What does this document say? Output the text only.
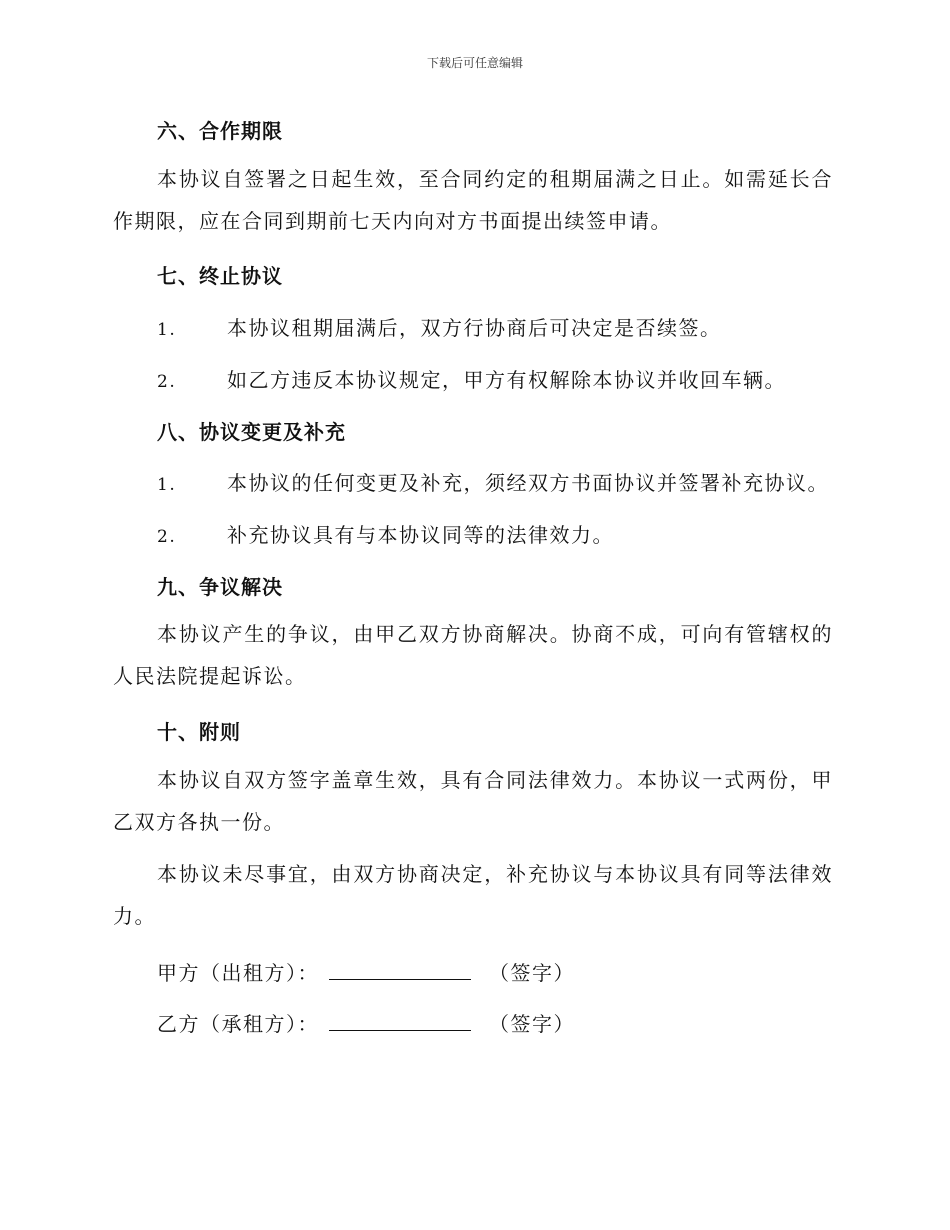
下载后可任意编辑
六、合作期限
本协议自签署之日起生效，至合同约定的租期届满之日止。如需延长合作期限，应在合同到期前七天内向对方书面提出续签申请。
七、终止协议
1.	本协议租期届满后，双方行协商后可决定是否续签。
2.	如乙方违反本协议规定，甲方有权解除本协议并收回车辆。
八、协议变更及补充
1.	本协议的任何变更及补充，须经双方书面协议并签署补充协议。
2.	补充协议具有与本协议同等的法律效力。
九、争议解决
本协议产生的争议，由甲乙双方协商解决。协商不成，可向有管辖权的人民法院提起诉讼。
十、附则
本协议自双方签字盖章生效，具有合同法律效力。本协议一式两份，甲乙双方各执一份。
本协议未尽事宜，由双方协商决定，补充协议与本协议具有同等法律效力。
甲方（出租方）：	（签字）
乙方（承租方）：	（签字）
